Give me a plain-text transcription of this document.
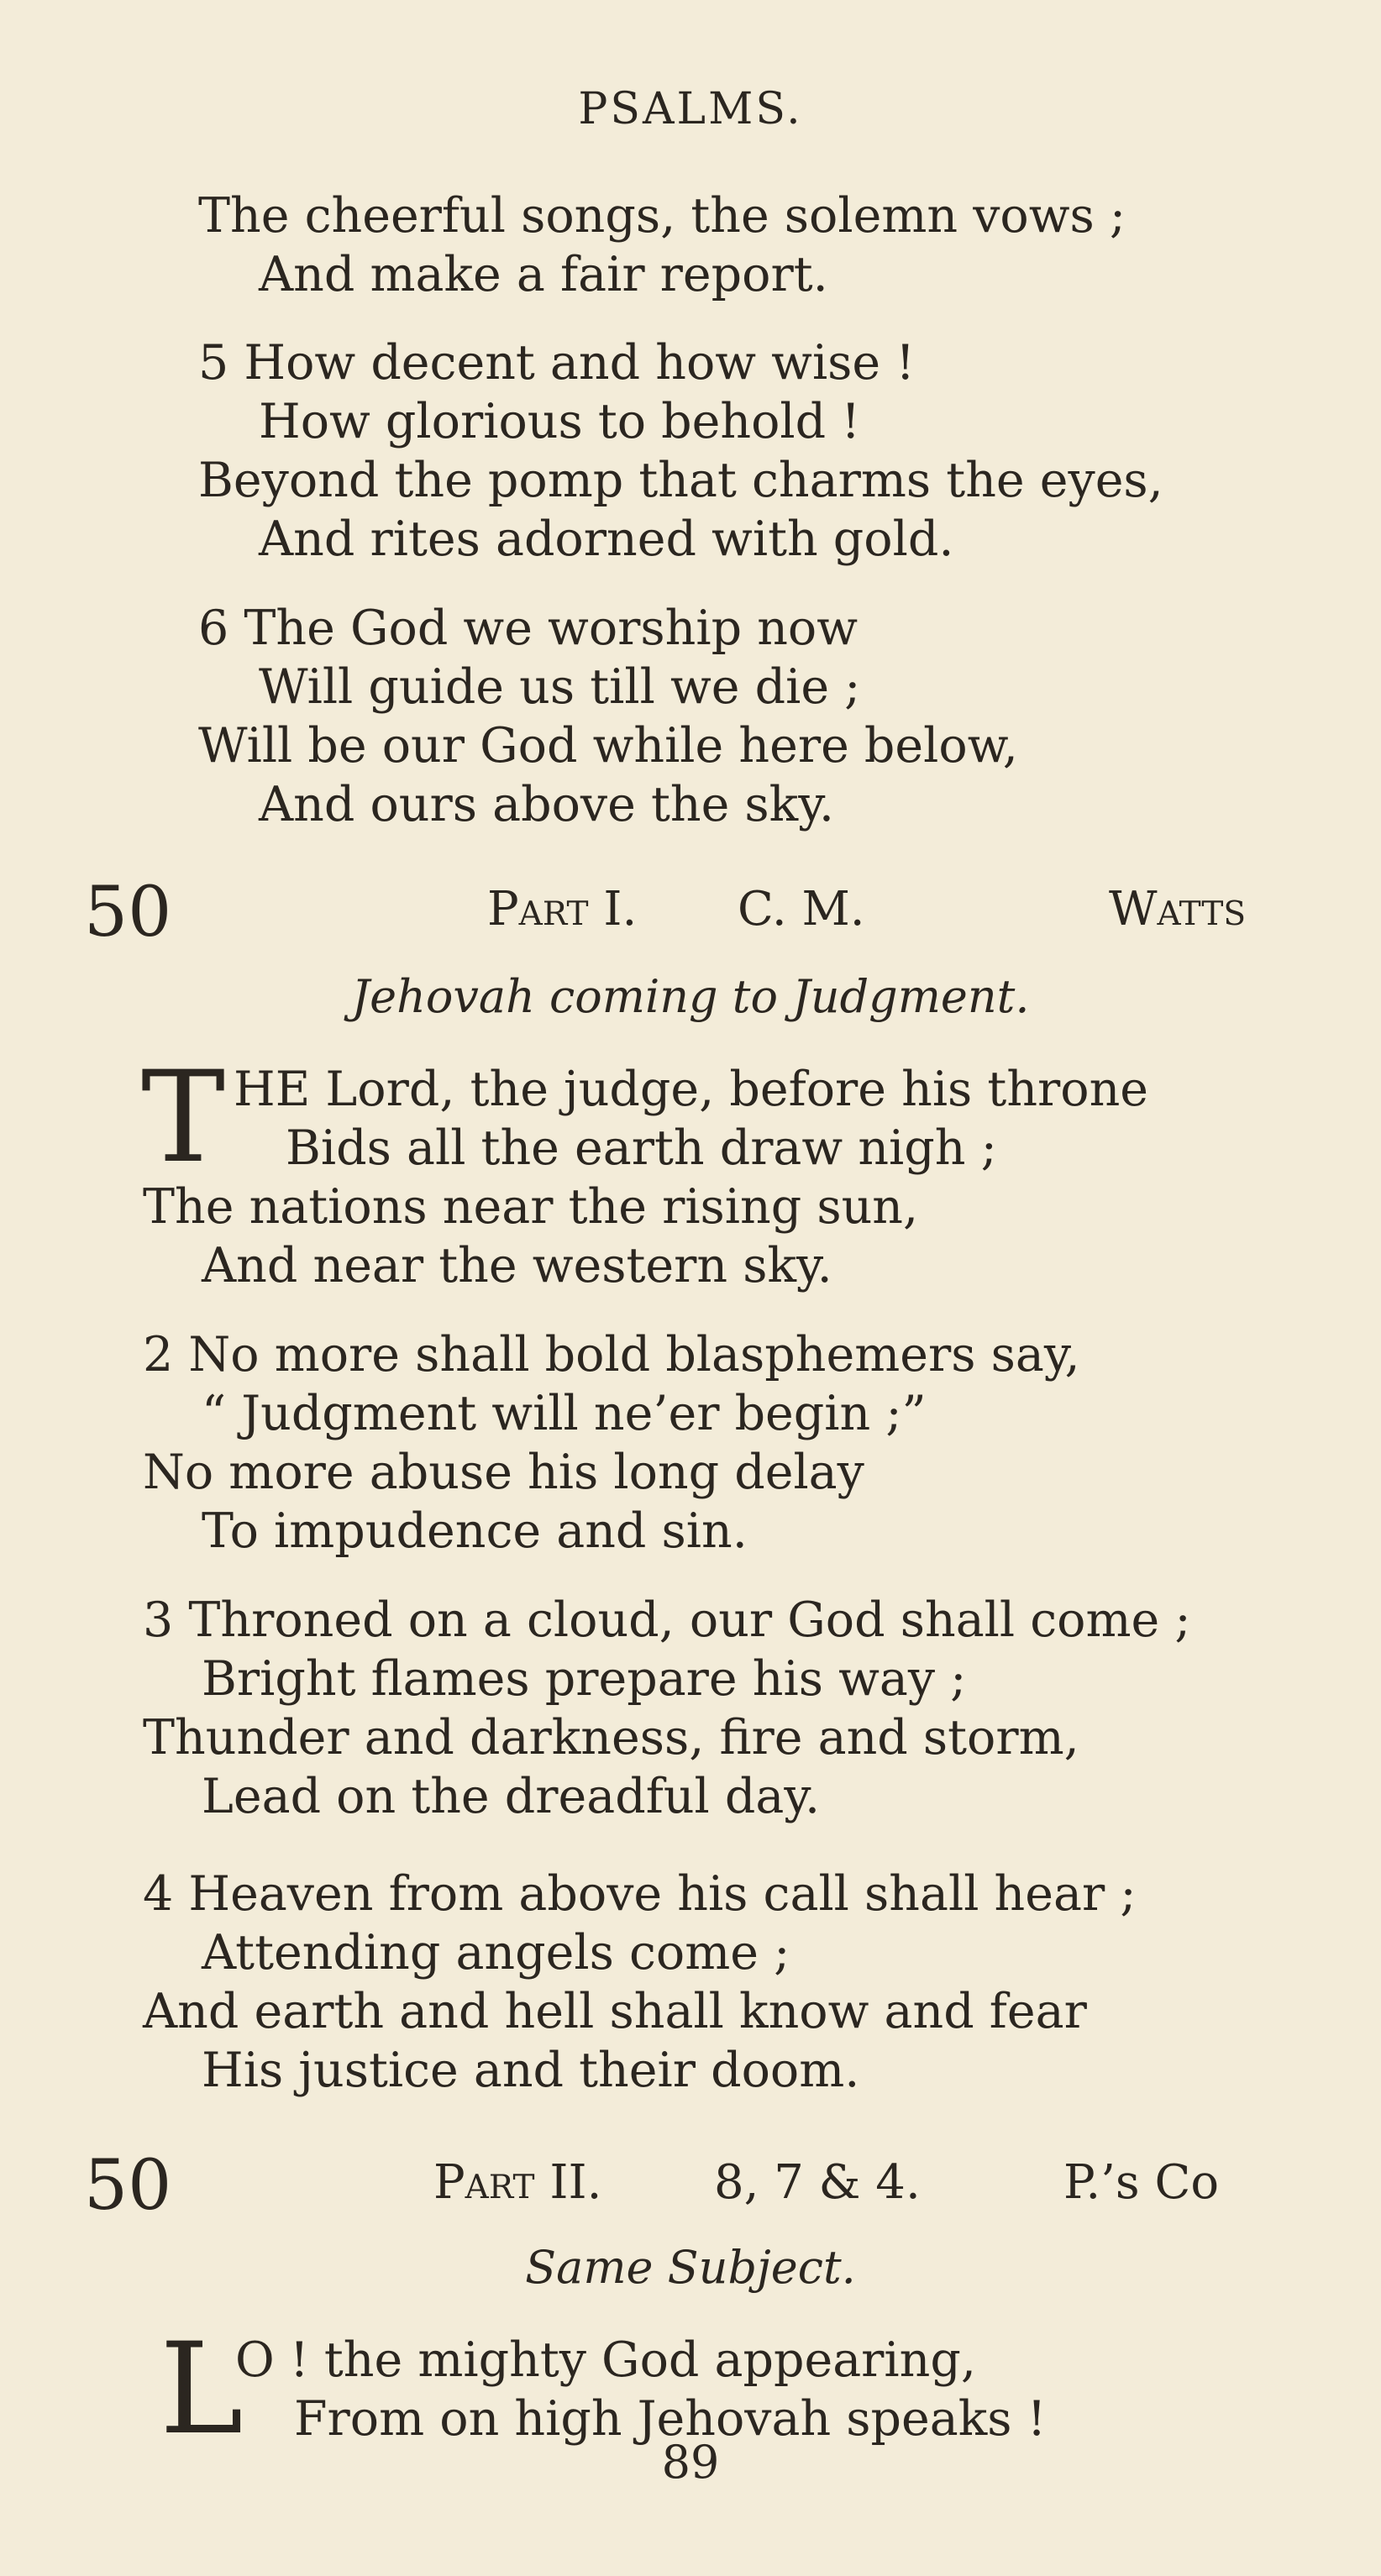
PSALMS.
The cheerful songs, the solemn vows ;
And make a fair report.
5 How decent and how wise !
How glorious to behold !
Beyond the pomp that charms the eyes,
And rites adorned with gold.
6 The God we worship now
Will guide us till we die ;
Will be our God while here below,
And ours above the sky.
50	Part I. C. M.	Watts
Jehovah coming to Judgment.
T HE Lord, the judge, before his throne
Bids all the earth draw nigh ;
The nations near the rising sun,
And near the western sky.
2 No more shall bold blasphemers say,
“ Judgment will ne’er begin ;”
No more abuse his long delay
To impudence and sin.
3 Throned on a cloud, our God shall come ;
Bright flames prepare his way ;
Thunder and darkness, fire and storm,
Lead on the dreadful day.
4 Heaven from above his call shall hear ;
Attending angels come ;
And earth and hell shall know and fear
His justice and their doom.
50	Part II. 8, 7 & 4.	P.’s Co
Same Subject.
L
O ! the mighty God appearing,
From on high Jehovah speaks !
89
